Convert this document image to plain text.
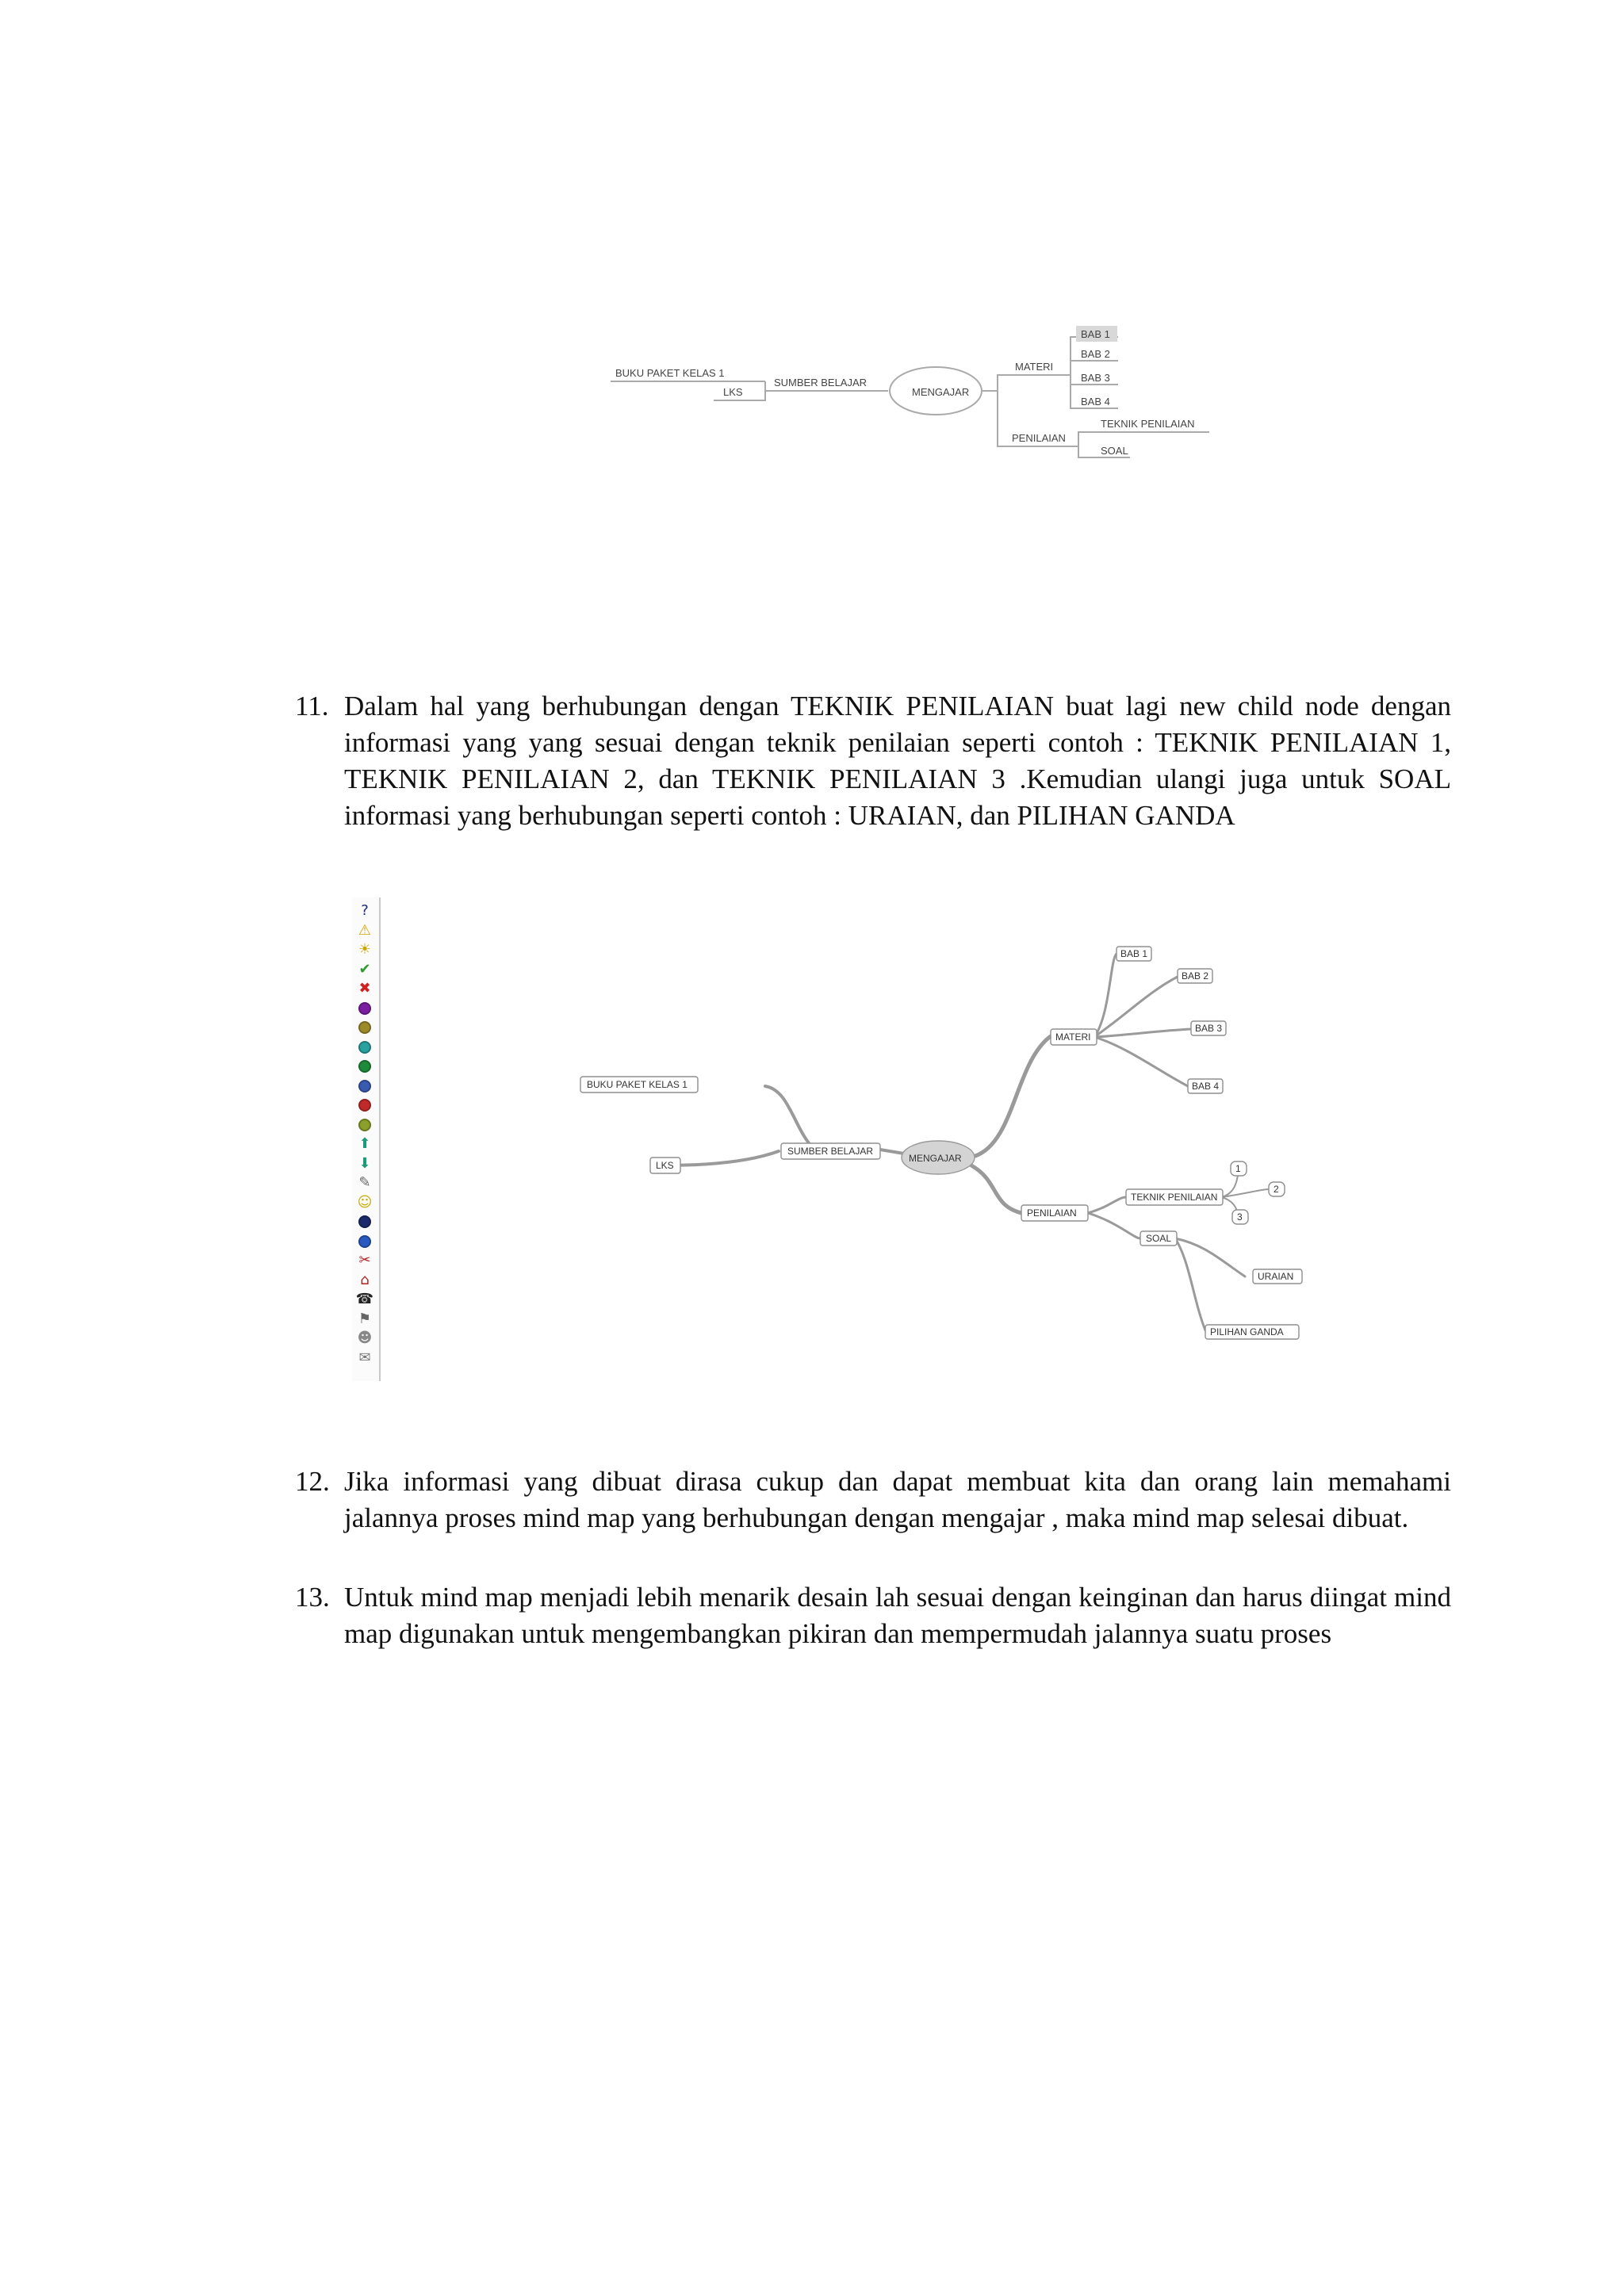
BUKU PAKET KELAS 1
LKS
SUMBER BELAJAR
MENGAJAR
MATERI
BAB 1
BAB 2
BAB 3
BAB 4
PENILAIAN
TEKNIK PENILAIAN
SOAL
11. Dalam hal yang berhubungan dengan TEKNIK PENILAIAN buat lagi new child node dengan informasi yang yang sesuai dengan teknik penilaian seperti contoh : TEKNIK PENILAIAN 1, TEKNIK PENILAIAN 2, dan TEKNIK PENILAIAN 3 .Kemudian ulangi juga untuk SOAL informasi yang berhubungan seperti contoh : URAIAN, dan PILIHAN GANDA
?
⚠
☀
✔
✖
⬆
⬇
✎
☺
✂
⌂
☎
⚑
☻
✉
BUKU PAKET KELAS 1
LKS
SUMBER BELAJAR
MENGAJAR
MATERI
BAB 1
BAB 2
BAB 3
BAB 4
PENILAIAN
TEKNIK PENILAIAN
1
2
3
SOAL
URAIAN
PILIHAN GANDA
12. Jika informasi yang dibuat dirasa cukup dan dapat membuat kita dan orang lain memahami jalannya proses mind map yang berhubungan dengan mengajar , maka mind map selesai dibuat.
13. Untuk mind map menjadi lebih menarik desain lah sesuai dengan keinginan dan harus diingat mind map digunakan untuk mengembangkan pikiran dan mempermudah jalannya suatu proses
